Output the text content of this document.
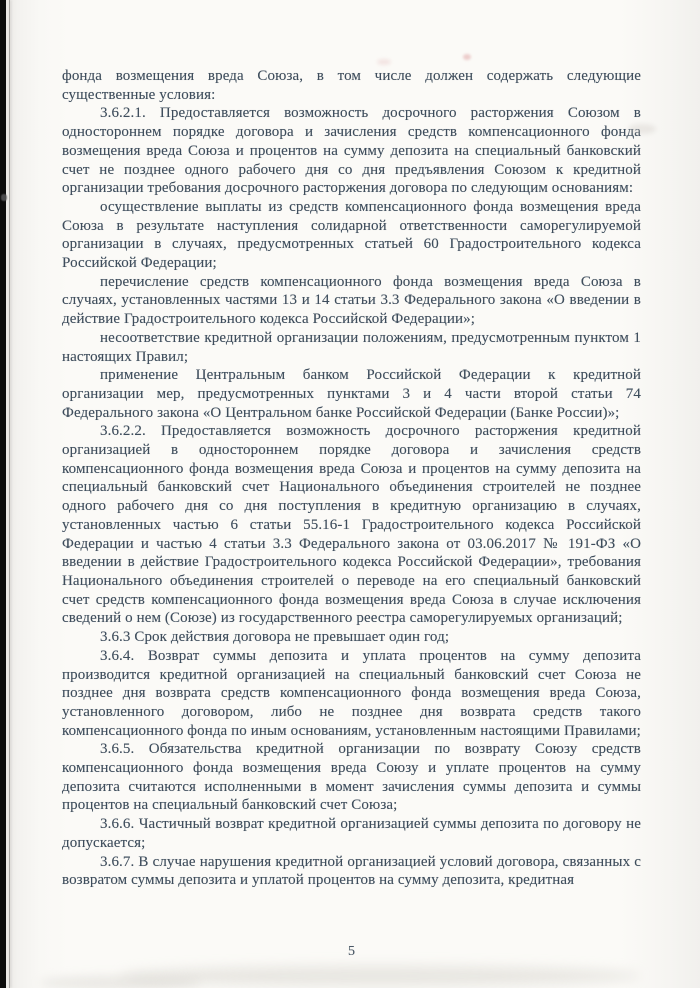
фонда возмещения вреда Союза, в том числе должен содержать следующие существенные условия:

3.6.2.1. Предоставляется возможность досрочного расторжения Союзом в одностороннем порядке договора и зачисления средств компенсационного фонда возмещения вреда Союза и процентов на сумму депозита на специальный банковский счет не позднее одного рабочего дня со дня предъявления Союзом к кредитной организации требования досрочного расторжения договора по следующим основаниям:

осуществление выплаты из средств компенсационного фонда возмещения вреда Союза в результате наступления солидарной ответственности саморегулируемой организации в случаях, предусмотренных статьей 60 Градостроительного кодекса Российской Федерации;

перечисление средств компенсационного фонда возмещения вреда Союза в случаях, установленных частями 13 и 14 статьи 3.3 Федерального закона «О введении в действие Градостроительного кодекса Российской Федерации»;

несоответствие кредитной организации положениям, предусмотренным пунктом 1 настоящих Правил;

применение Центральным банком Российской Федерации к кредитной организации мер, предусмотренных пунктами 3 и 4 части второй статьи 74 Федерального закона «О Центральном банке Российской Федерации (Банке России)»;

3.6.2.2. Предоставляется возможность досрочного расторжения кредитной организацией в одностороннем порядке договора и зачисления средств компенсационного фонда возмещения вреда Союза и процентов на сумму депозита на специальный банковский счет Национального объединения строителей не позднее одного рабочего дня со дня поступления в кредитную организацию в случаях, установленных частью 6 статьи 55.16-1 Градостроительного кодекса Российской Федерации и частью 4 статьи 3.3 Федерального закона от 03.06.2017 № 191-ФЗ «О введении в действие Градостроительного кодекса Российской Федерации», требования Национального объединения строителей о переводе на его специальный банковский счет средств компенсационного фонда возмещения вреда Союза в случае исключения сведений о нем (Союзе) из государственного реестра саморегулируемых организаций;

3.6.3 Срок действия договора не превышает один год;

3.6.4. Возврат суммы депозита и уплата процентов на сумму депозита производится кредитной организацией на специальный банковский счет Союза не позднее дня возврата средств компенсационного фонда возмещения вреда Союза, установленного договором, либо не позднее дня возврата средств такого компенсационного фонда по иным основаниям, установленным настоящими Правилами;

3.6.5. Обязательства кредитной организации по возврату Союзу средств компенсационного фонда возмещения вреда Союзу и уплате процентов на сумму депозита считаются исполненными в момент зачисления суммы депозита и суммы процентов на специальный банковский счет Союза;

3.6.6. Частичный возврат кредитной организацией суммы депозита по договору не допускается;

3.6.7. В случае нарушения кредитной организацией условий договора, связанных с возвратом суммы депозита и уплатой процентов на сумму депозита, кредитная

5
